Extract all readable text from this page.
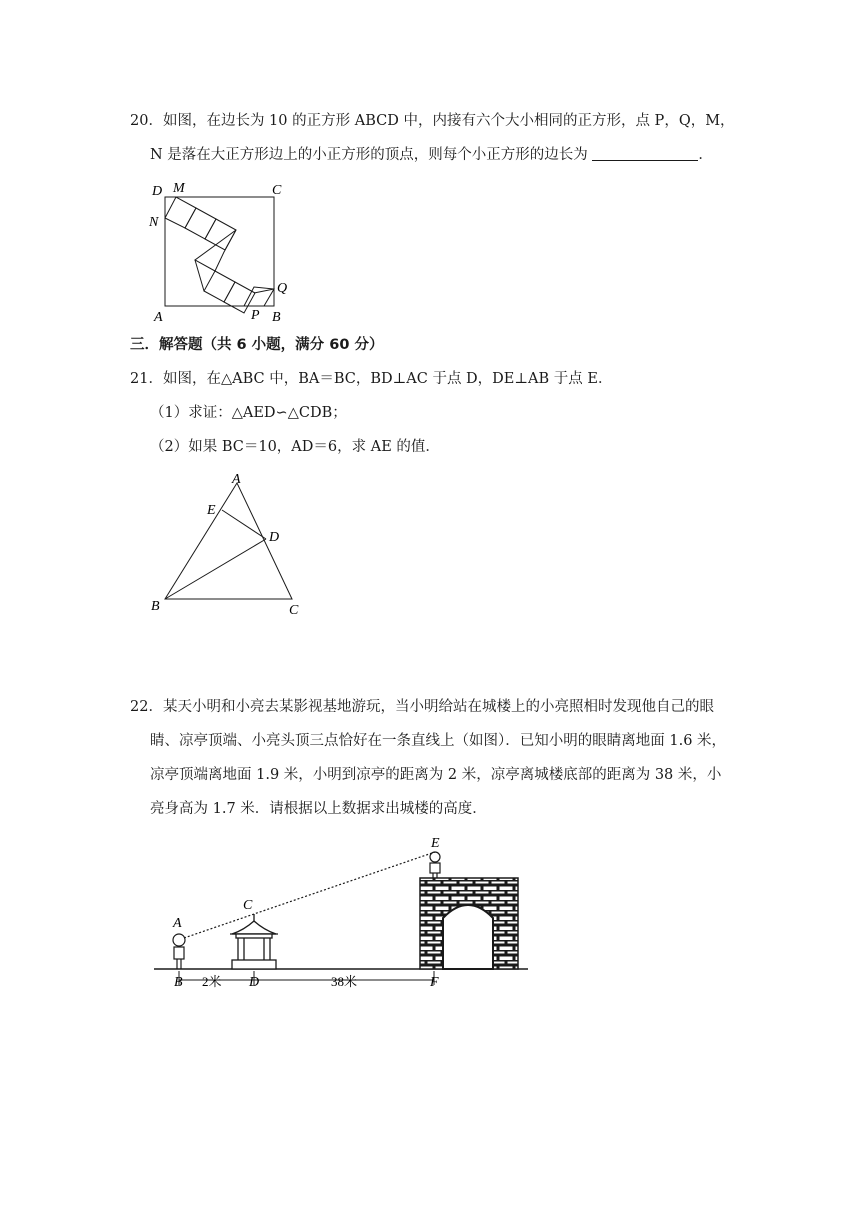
20．如图，在边长为 10 的正方形 ABCD 中，内接有六个大小相同的正方形，点 P，Q，M，
N 是落在大正方形边上的小正方形的顶点，则每个小正方形的边长为	．
D M	C
N
Q
A	P B
三．解答题（共 6 小题，满分 60 分）
21．如图，在△ABC 中，BA＝BC，BD⊥AC 于点 D，DE⊥AB 于点 E．
（1）求证：△AED∽△CDB；
（2）如果 BC＝10，AD＝6，求 AE 的值．
A
E
D
B	C
22．某天小明和小亮去某影视基地游玩，当小明给站在城楼上的小亮照相时发现他自己的眼
睛、凉亭顶端、小亮头顶三点恰好在一条直线上（如图）．已知小明的眼睛离地面 1.6 米，
凉亭顶端离地面 1.9 米，小明到凉亭的距离为 2 米，凉亭离城楼底部的距离为 38 米，小
亮身高为 1.7 米．请根据以上数据求出城楼的高度．
A
B
C
D
E
F
2米	38米
